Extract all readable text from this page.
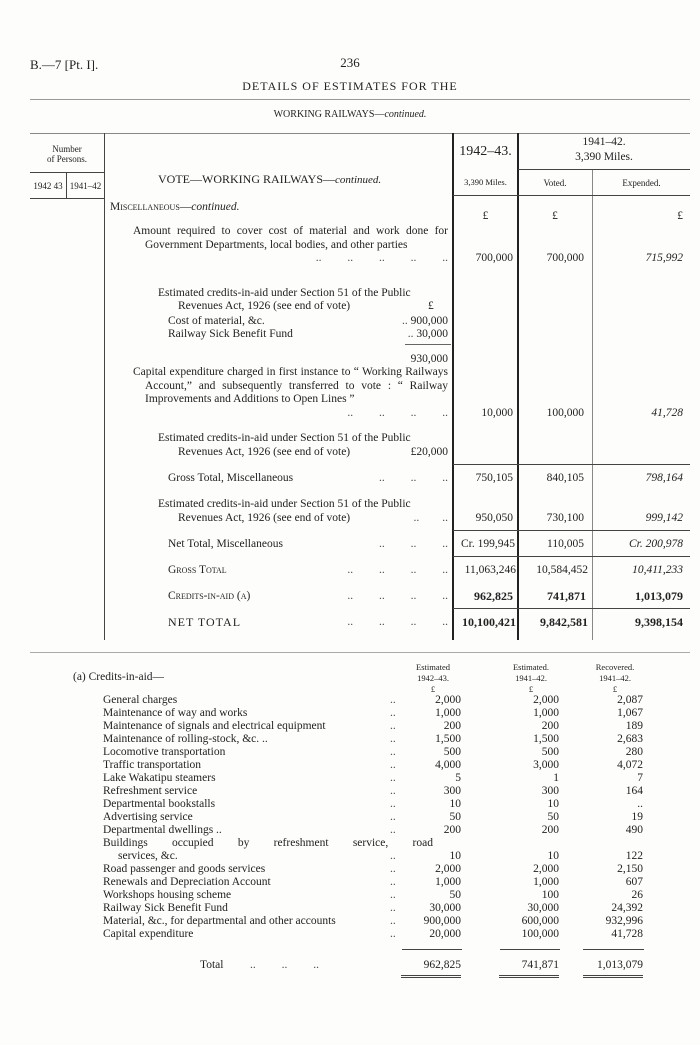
B.—7 [Pt. I].	236
DETAILS OF ESTIMATES FOR THE
WORKING RAILWAYS—continued.
Number
of Persons.
1942 43 1941–42
1942–43.
3,390 Miles.
1941–42.
3,390 Miles.
Voted.	Expended.
VOTE—WORKING RAILWAYS—continued.
Miscellaneous—continued.
£	£	£
Amount required to cover cost of material and work done for Government Departments, local bodies, and other parties
..         ..         ..         ..         ..	700,000	700,000	715,992
Estimated credits-in-aid under Section 51 of the Public
Revenues Act, 1926 (see end of vote)	£
Cost of material, &c.	.. 900,000
Railway Sick Benefit Fund	.. 30,000
930,000
Capital expenditure charged in first instance to “ Working Railways Account,” and subsequently transferred to vote : “ Railway Improvements and Additions to Open Lines ”
..         ..         ..         ..	10,000	100,000	41,728
Estimated credits-in-aid under Section 51 of the Public
Revenues Act, 1926 (see end of vote)	£20,000
Gross Total, Miscellaneous	..         ..         ..	750,105	840,105	798,164
Estimated credits-in-aid under Section 51 of the Public
Revenues Act, 1926 (see end of vote)	..        ..	950,050	730,100	999,142
Net Total, Miscellaneous	..         ..         ..	Cr. 199,945	110,005	Cr. 200,978
Gross Total	..         ..         ..         ..	11,063,246	10,584,452	10,411,233
Credits-in-aid (a)	..         ..         ..         ..	962,825	741,871	1,013,079
NET TOTAL	..         ..         ..         ..	10,100,421	9,842,581	9,398,154
(a) Credits-in-aid—
Estimated
1942–43.
£
Estimated.
1941–42.
£
Recovered.
1941–42.
£
General charges	..	2,000	2,000	2,087
Maintenance of way and works	..	1,000	1,000	1,067
Maintenance of signals and electrical equipment	..	200	200	189
Maintenance of rolling-stock, &c. ..	..	1,500	1,500	2,683
Locomotive transportation	..	500	500	280
Traffic transportation	..	4,000	3,000	4,072
Lake Wakatipu steamers	..	5	1	7
Refreshment service	..	300	300	164
Departmental bookstalls	..	10	10	..
Advertising service	..	50	50	19
Departmental dwellings ..	..	200	200	490
Buildings occupied by refreshment service, road
services, &c.	..	10	10	122
Road passenger and goods services	..	2,000	2,000	2,150
Renewals and Depreciation Account	..	1,000	1,000	607
Workshops housing scheme	..	50	100	26
Railway Sick Benefit Fund	..	30,000	30,000	24,392
Material, &c., for departmental and other accounts	..	900,000	600,000	932,996
Capital expenditure	..	20,000	100,000	41,728
Total ..         ..         ..	962,825	741,871	1,013,079
